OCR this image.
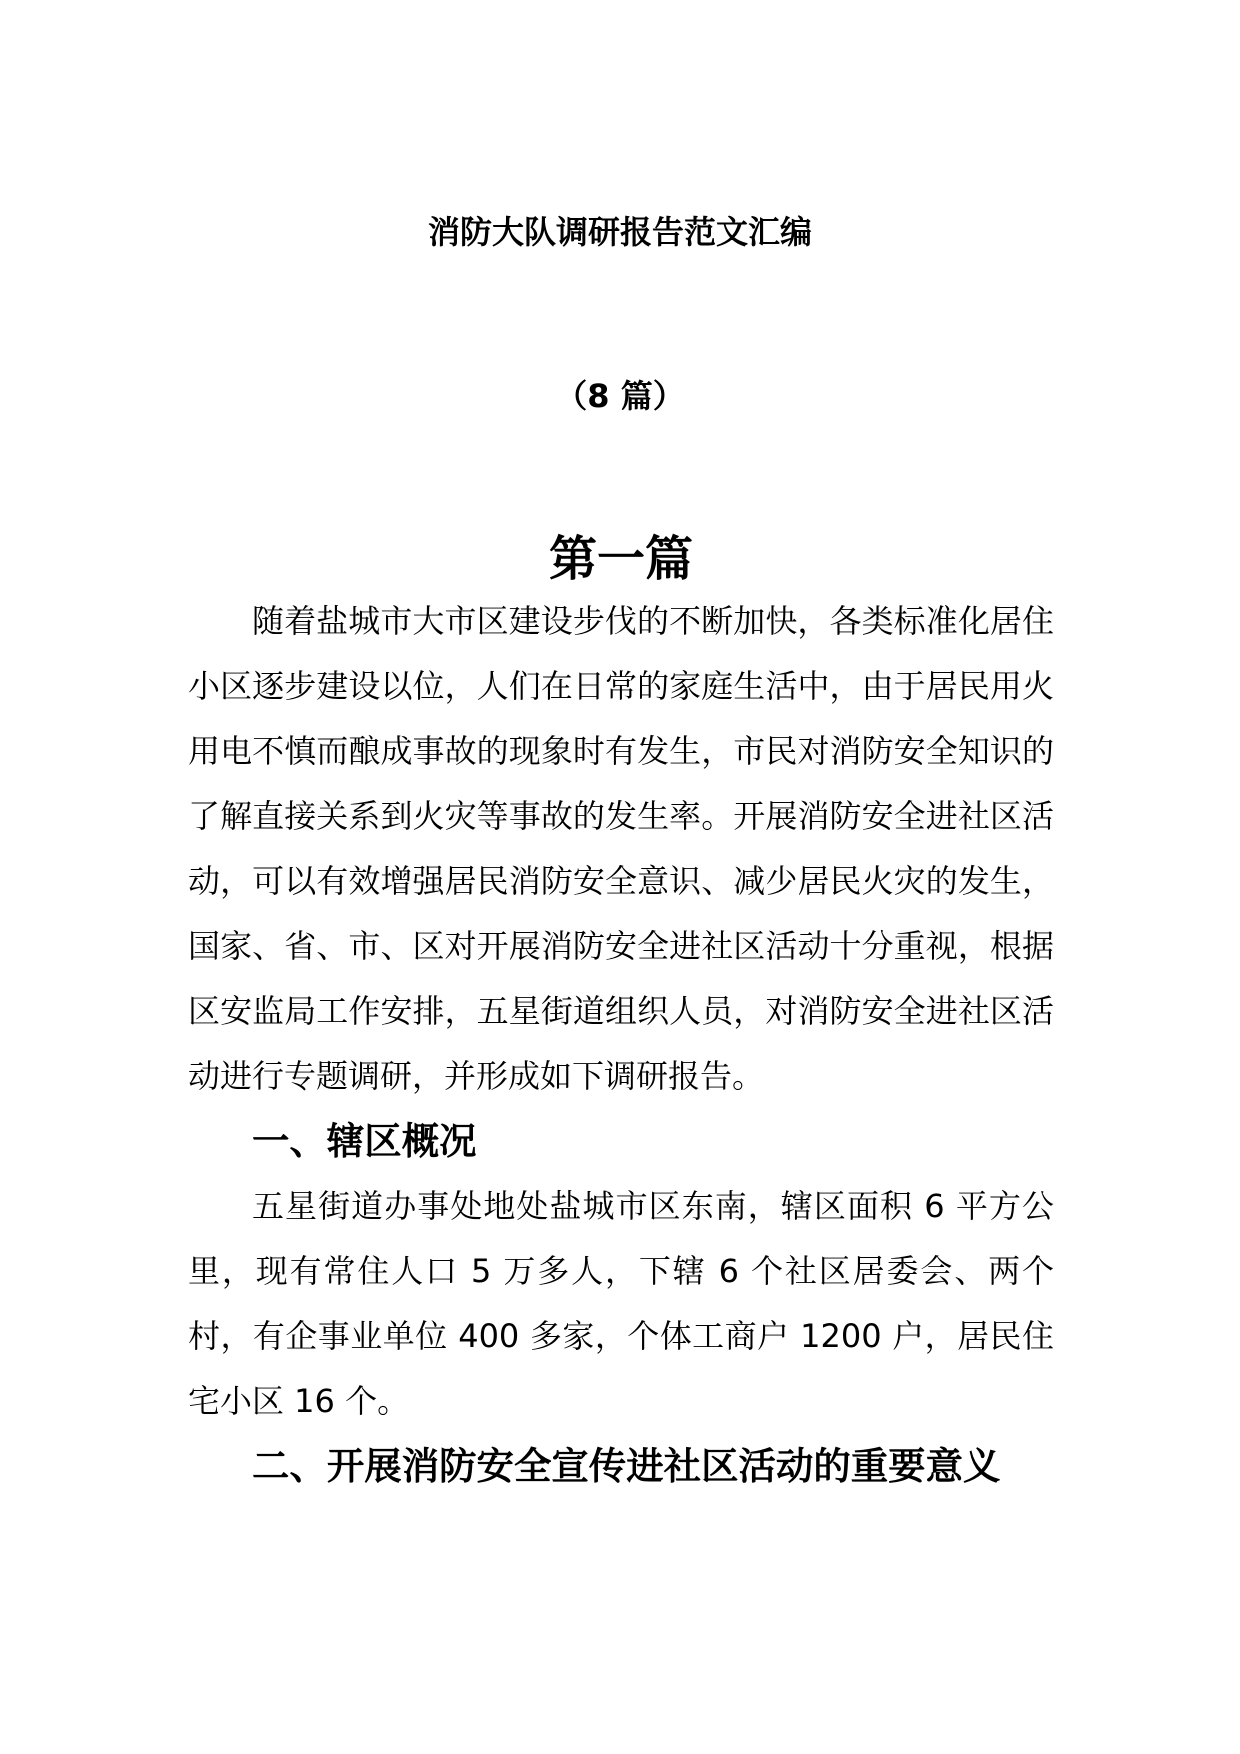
消防大队调研报告范文汇编
（8 篇）
第一篇

随着盐城市大市区建设步伐的不断加快，各类标准化居住小区逐步建设以位，人们在日常的家庭生活中，由于居民用火用电不慎而酿成事故的现象时有发生，市民对消防安全知识的了解直接关系到火灾等事故的发生率。开展消防安全进社区活动，可以有效增强居民消防安全意识、减少居民火灾的发生，国家、省、市、区对开展消防安全进社区活动十分重视，根据区安监局工作安排，五星街道组织人员，对消防安全进社区活动进行专题调研，并形成如下调研报告。

一、辖区概况

五星街道办事处地处盐城市区东南，辖区面积 6 平方公里，现有常住人口 5 万多人，下辖 6 个社区居委会、两个村，有企事业单位 400 多家，个体工商户 1200 户，居民住宅小区 16 个。

二、开展消防安全宣传进社区活动的重要意义
